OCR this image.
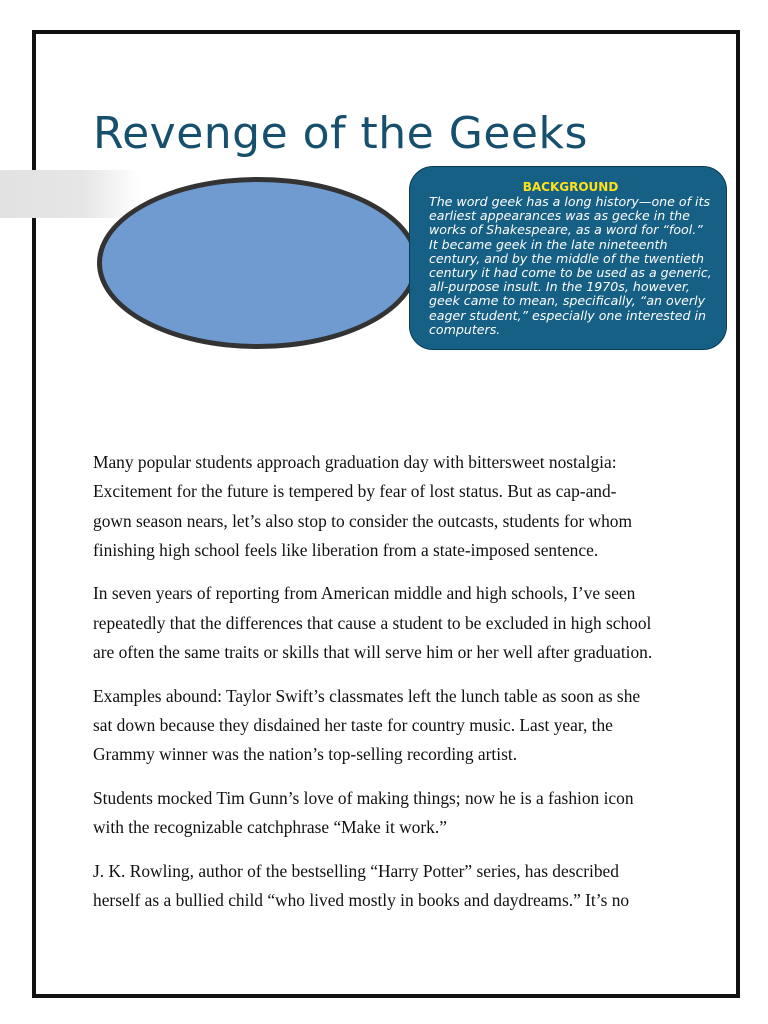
Revenge of the Geeks
BACKGROUND

The word geek has a long history—one of its earliest appearances was as gecke in the works of Shakespeare, as a word for “fool.” It became geek in the late nineteenth century, and by the middle of the twentieth century it had come to be used as a generic, all-purpose insult. In the 1970s, however, geek came to mean, specifically, “an overly eager student,” especially one interested in computers.

Many popular students approach graduation day with bittersweet nostalgia:
Excitement for the future is tempered by fear of lost status. But as cap-and-
gown season nears, let’s also stop to consider the outcasts, students for whom
finishing high school feels like liberation from a state-imposed sentence.

In seven years of reporting from American middle and high schools, I’ve seen
repeatedly that the differences that cause a student to be excluded in high school
are often the same traits or skills that will serve him or her well after graduation.

Examples abound: Taylor Swift’s classmates left the lunch table as soon as she
sat down because they disdained her taste for country music. Last year, the
Grammy winner was the nation’s top-selling recording artist.

Students mocked Tim Gunn’s love of making things; now he is a fashion icon
with the recognizable catchphrase “Make it work.”

J. K. Rowling, author of the bestselling “Harry Potter” series, has described
herself as a bullied child “who lived mostly in books and daydreams.” It’s no
